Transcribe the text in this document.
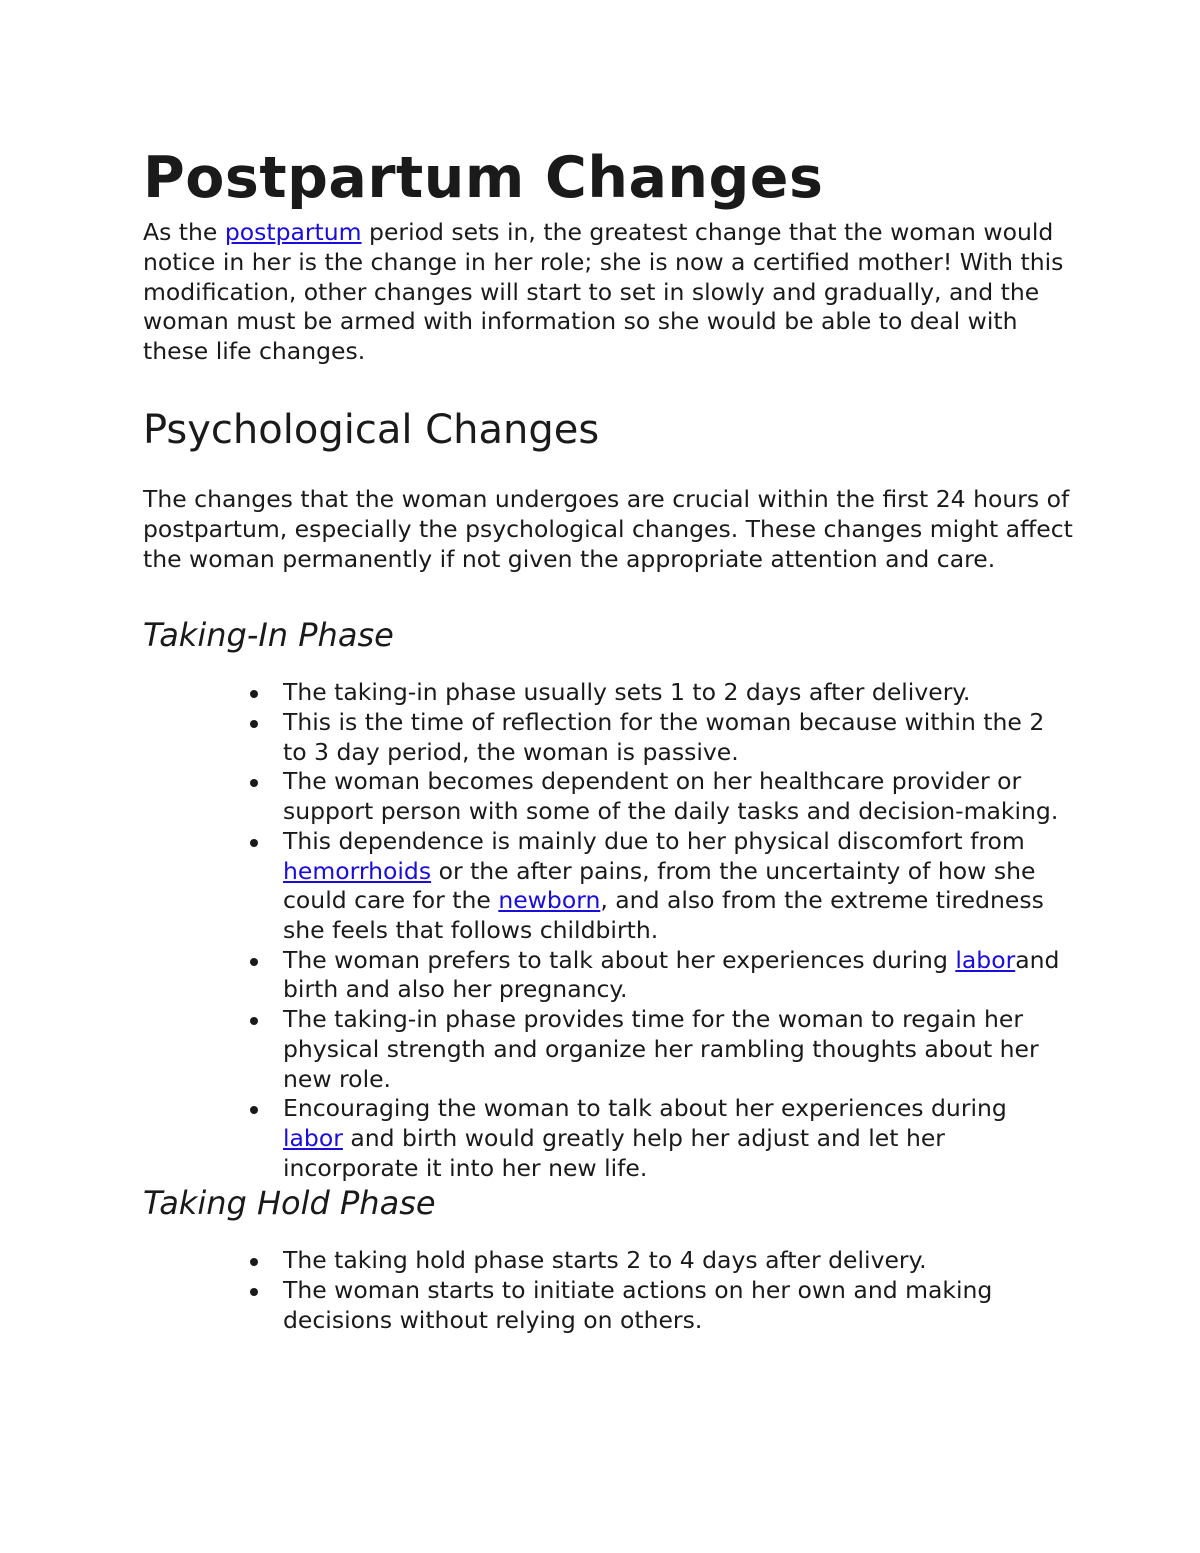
Postpartum Changes

As the postpartum period sets in, the greatest change that the woman would notice in her is the change in her role; she is now a certified mother! With this modification, other changes will start to set in slowly and gradually, and the woman must be armed with information so she would be able to deal with these life changes.

Psychological Changes

The changes that the woman undergoes are crucial within the first 24 hours of postpartum, especially the psychological changes. These changes might affect the woman permanently if not given the appropriate attention and care.

Taking-In Phase
The taking-in phase usually sets 1 to 2 days after delivery.
This is the time of reflection for the woman because within the 2 to 3 day period, the woman is passive.
The woman becomes dependent on her healthcare provider or support person with some of the daily tasks and decision-making.
This dependence is mainly due to her physical discomfort from hemorrhoids or the after pains, from the uncertainty of how she could care for the newborn, and also from the extreme tiredness she feels that follows childbirth.
The woman prefers to talk about her experiences during laborand birth and also her pregnancy.
The taking-in phase provides time for the woman to regain her physical strength and organize her rambling thoughts about her new role.
Encouraging the woman to talk about her experiences during labor and birth would greatly help her adjust and let her incorporate it into her new life.
Taking Hold Phase
The taking hold phase starts 2 to 4 days after delivery.
The woman starts to initiate actions on her own and making decisions without relying on others.
